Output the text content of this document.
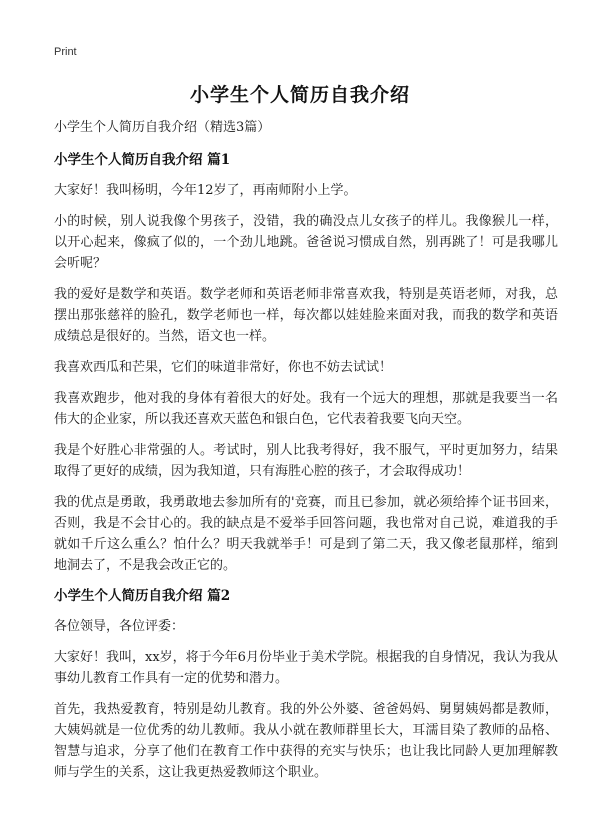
Print
小学生个人简历自我介绍

小学生个人简历自我介绍（精选3篇）

小学生个人简历自我介绍 篇1

大家好！我叫杨明，今年12岁了，再南师附小上学。

小的时候，别人说我像个男孩子，没错，我的确没点儿女孩子的样儿。我像猴儿一样，以开心起来，像疯了似的，一个劲儿地跳。爸爸说习惯成自然，别再跳了！可是我哪儿会听呢？

我的爱好是数学和英语。数学老师和英语老师非常喜欢我，特别是英语老师，对我，总摆出那张慈祥的脸孔，数学老师也一样，每次都以娃娃脸来面对我，而我的数学和英语成绩总是很好的。当然，语文也一样。

我喜欢西瓜和芒果，它们的味道非常好，你也不妨去试试！

我喜欢跑步，他对我的身体有着很大的好处。我有一个远大的理想，那就是我要当一名伟大的企业家，所以我还喜欢天蓝色和银白色，它代表着我要飞向天空。

我是个好胜心非常强的人。考试时，别人比我考得好，我不服气，平时更加努力，结果取得了更好的成绩，因为我知道，只有海胜心腔的孩子，才会取得成功！

我的优点是勇敢，我勇敢地去参加所有的'竞赛，而且已参加，就必须给捧个证书回来，否则，我是不会甘心的。我的缺点是不爱举手回答问题，我也常对自己说，难道我的手就如千斤这么重么？怕什么？明天我就举手！可是到了第二天，我又像老鼠那样，缩到地洞去了，不是我会改正它的。

小学生个人简历自我介绍 篇2

各位领导，各位评委：

大家好！我叫，xx岁，将于今年6月份毕业于美术学院。根据我的自身情况，我认为我从事幼儿教育工作具有一定的优势和潜力。

首先，我热爱教育，特别是幼儿教育。我的外公外婆、爸爸妈妈、舅舅姨妈都是教师，大姨妈就是一位优秀的幼儿教师。我从小就在教师群里长大，耳濡目染了教师的品格、智慧与追求，分享了他们在教育工作中获得的充实与快乐；也让我比同龄人更加理解教师与学生的关系，这让我更热爱教师这个职业。
